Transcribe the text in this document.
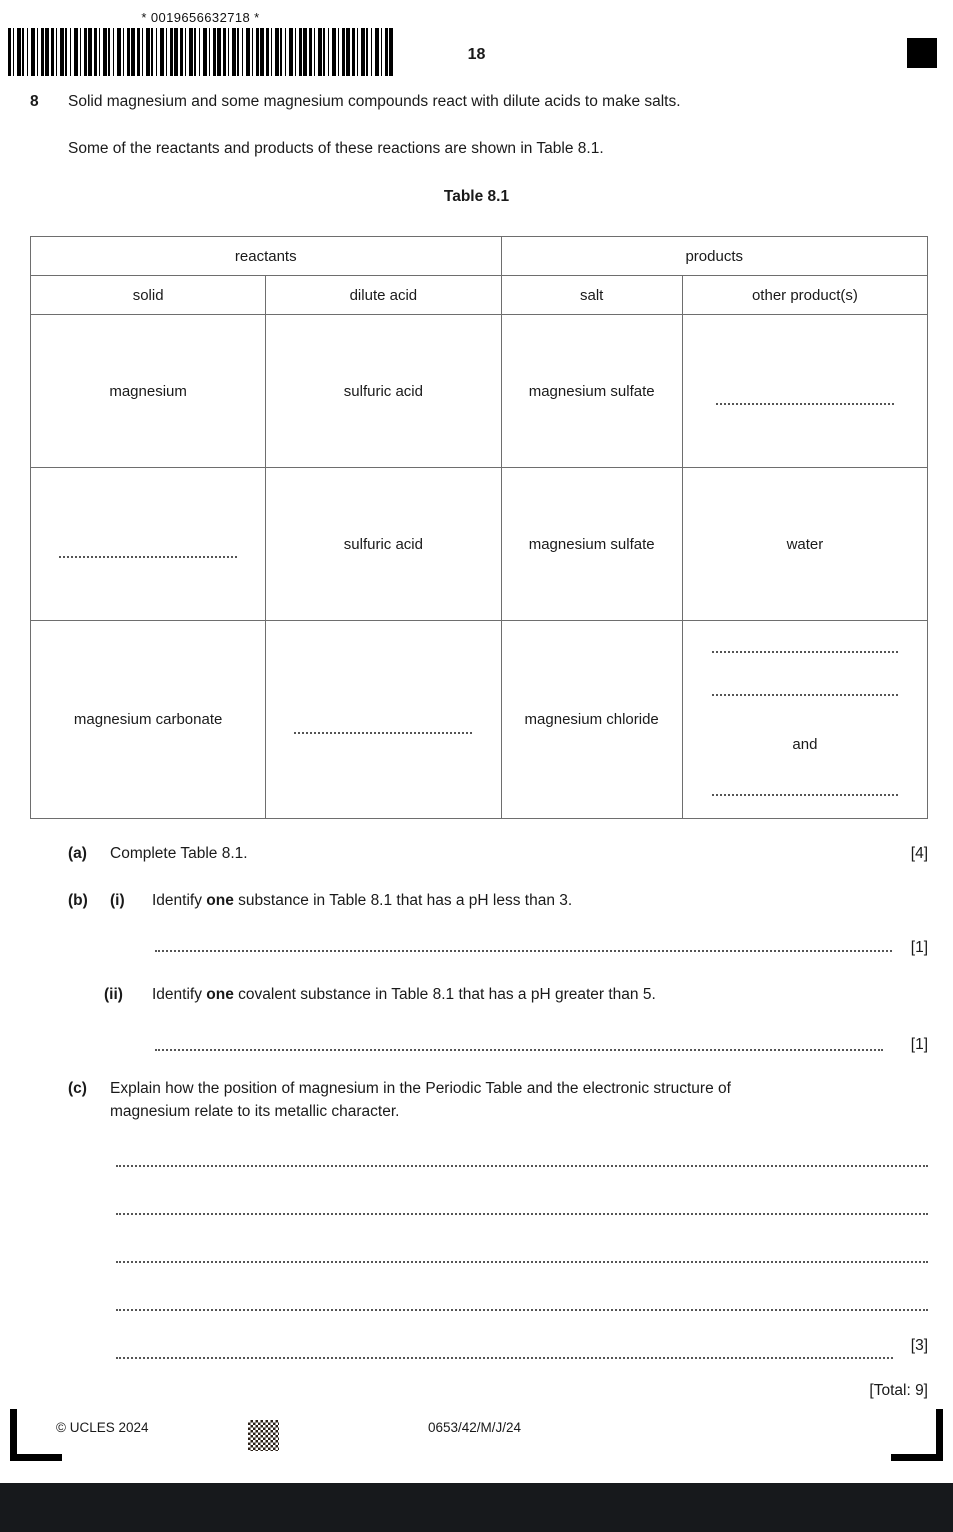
* 0019656632718 *
18
8 Solid magnesium and some magnesium compounds react with dilute acids to make salts.
Some of the reactants and products of these reactions are shown in Table 8.1.
Table 8.1
reactants		products	
solid	dilute acid	salt	other product(s)
magnesium	sulfuric acid	magnesium sulfate	

	sulfuric acid	magnesium sulfate	water
magnesium carbonate		magnesium chloride	and
(a) Complete Table 8.1.	[4]
(b) (i) Identify one substance in Table 8.1 that has a pH less than 3.
[1]
(ii) Identify one covalent substance in Table 8.1 that has a pH greater than 5.
[1]
(c) Explain how the position of magnesium in the Periodic Table and the electronic structure of
magnesium relate to its metallic character.
[3]
[Total: 9]
© UCLES 2024	0653/42/M/J/24
